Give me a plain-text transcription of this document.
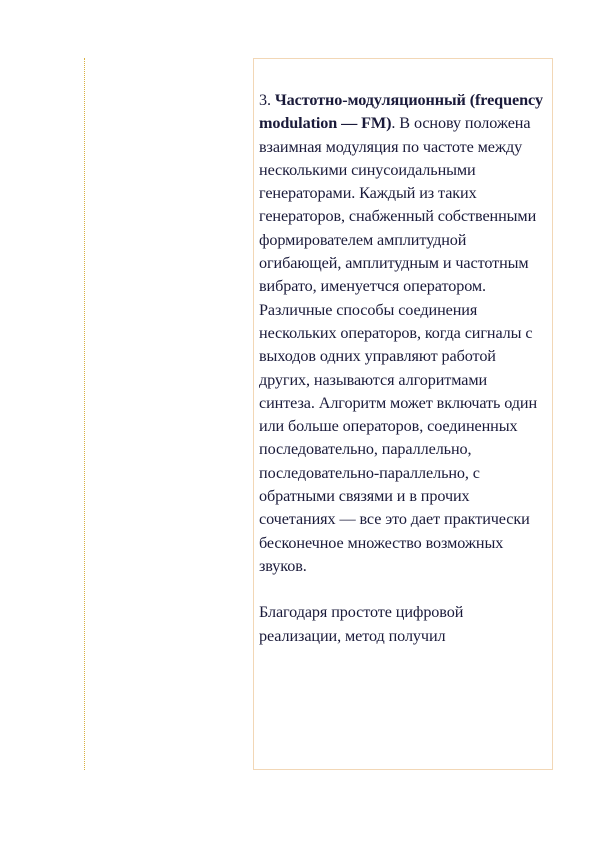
3. Частотно-модуляционный (frequency modulation — FM). В основу положена взаимная модуляция по частоте между несколькими синусоидальными генераторами. Каждый из таких генераторов, снабженный собственными формирователем амплитудной огибающей, амплитудным и частотным вибрато, именуетчся оператором. Различные способы соединения нескольких операторов, когда сигналы с выходов одних управляют работой других, называются алгоритмами синтеза. Алгоритм может включать один или больше операторов, соединенных последовательно, параллельно, последовательно-параллельно, с обратными связями и в прочих сочетаниях — все это дает практически бесконечное множество возможных звуков.

Благодаря простоте цифровой реализации, метод получил
